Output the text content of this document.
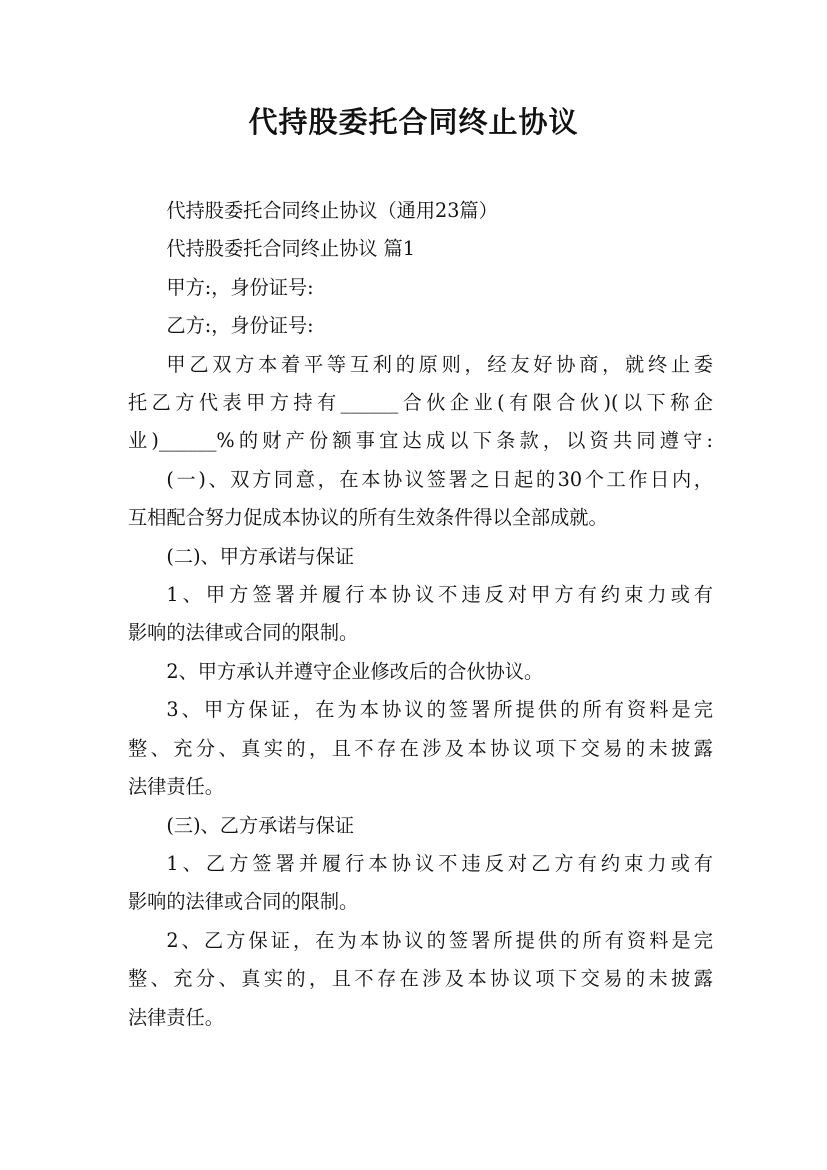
代持股委托合同终止协议
代持股委托合同终止协议（通用23篇）
代持股委托合同终止协议 篇1
甲方:，身份证号:
乙方:，身份证号:
甲乙双方本着平等互利的原则，经友好协商，就终止委
托乙方代表甲方持有______合伙企业(有限合伙)(以下称企
业)______%的财产份额事宜达成以下条款，以资共同遵守:
(一)、双方同意，在本协议签署之日起的30个工作日内，
互相配合努力促成本协议的所有生效条件得以全部成就。
(二)、甲方承诺与保证
1、甲方签署并履行本协议不违反对甲方有约束力或有
影响的法律或合同的限制。
2、甲方承认并遵守企业修改后的合伙协议。
3、甲方保证，在为本协议的签署所提供的所有资料是完
整、充分、真实的，且不存在涉及本协议项下交易的未披露
法律责任。
(三)、乙方承诺与保证
1、乙方签署并履行本协议不违反对乙方有约束力或有
影响的法律或合同的限制。
2、乙方保证，在为本协议的签署所提供的所有资料是完
整、充分、真实的，且不存在涉及本协议项下交易的未披露
法律责任。
